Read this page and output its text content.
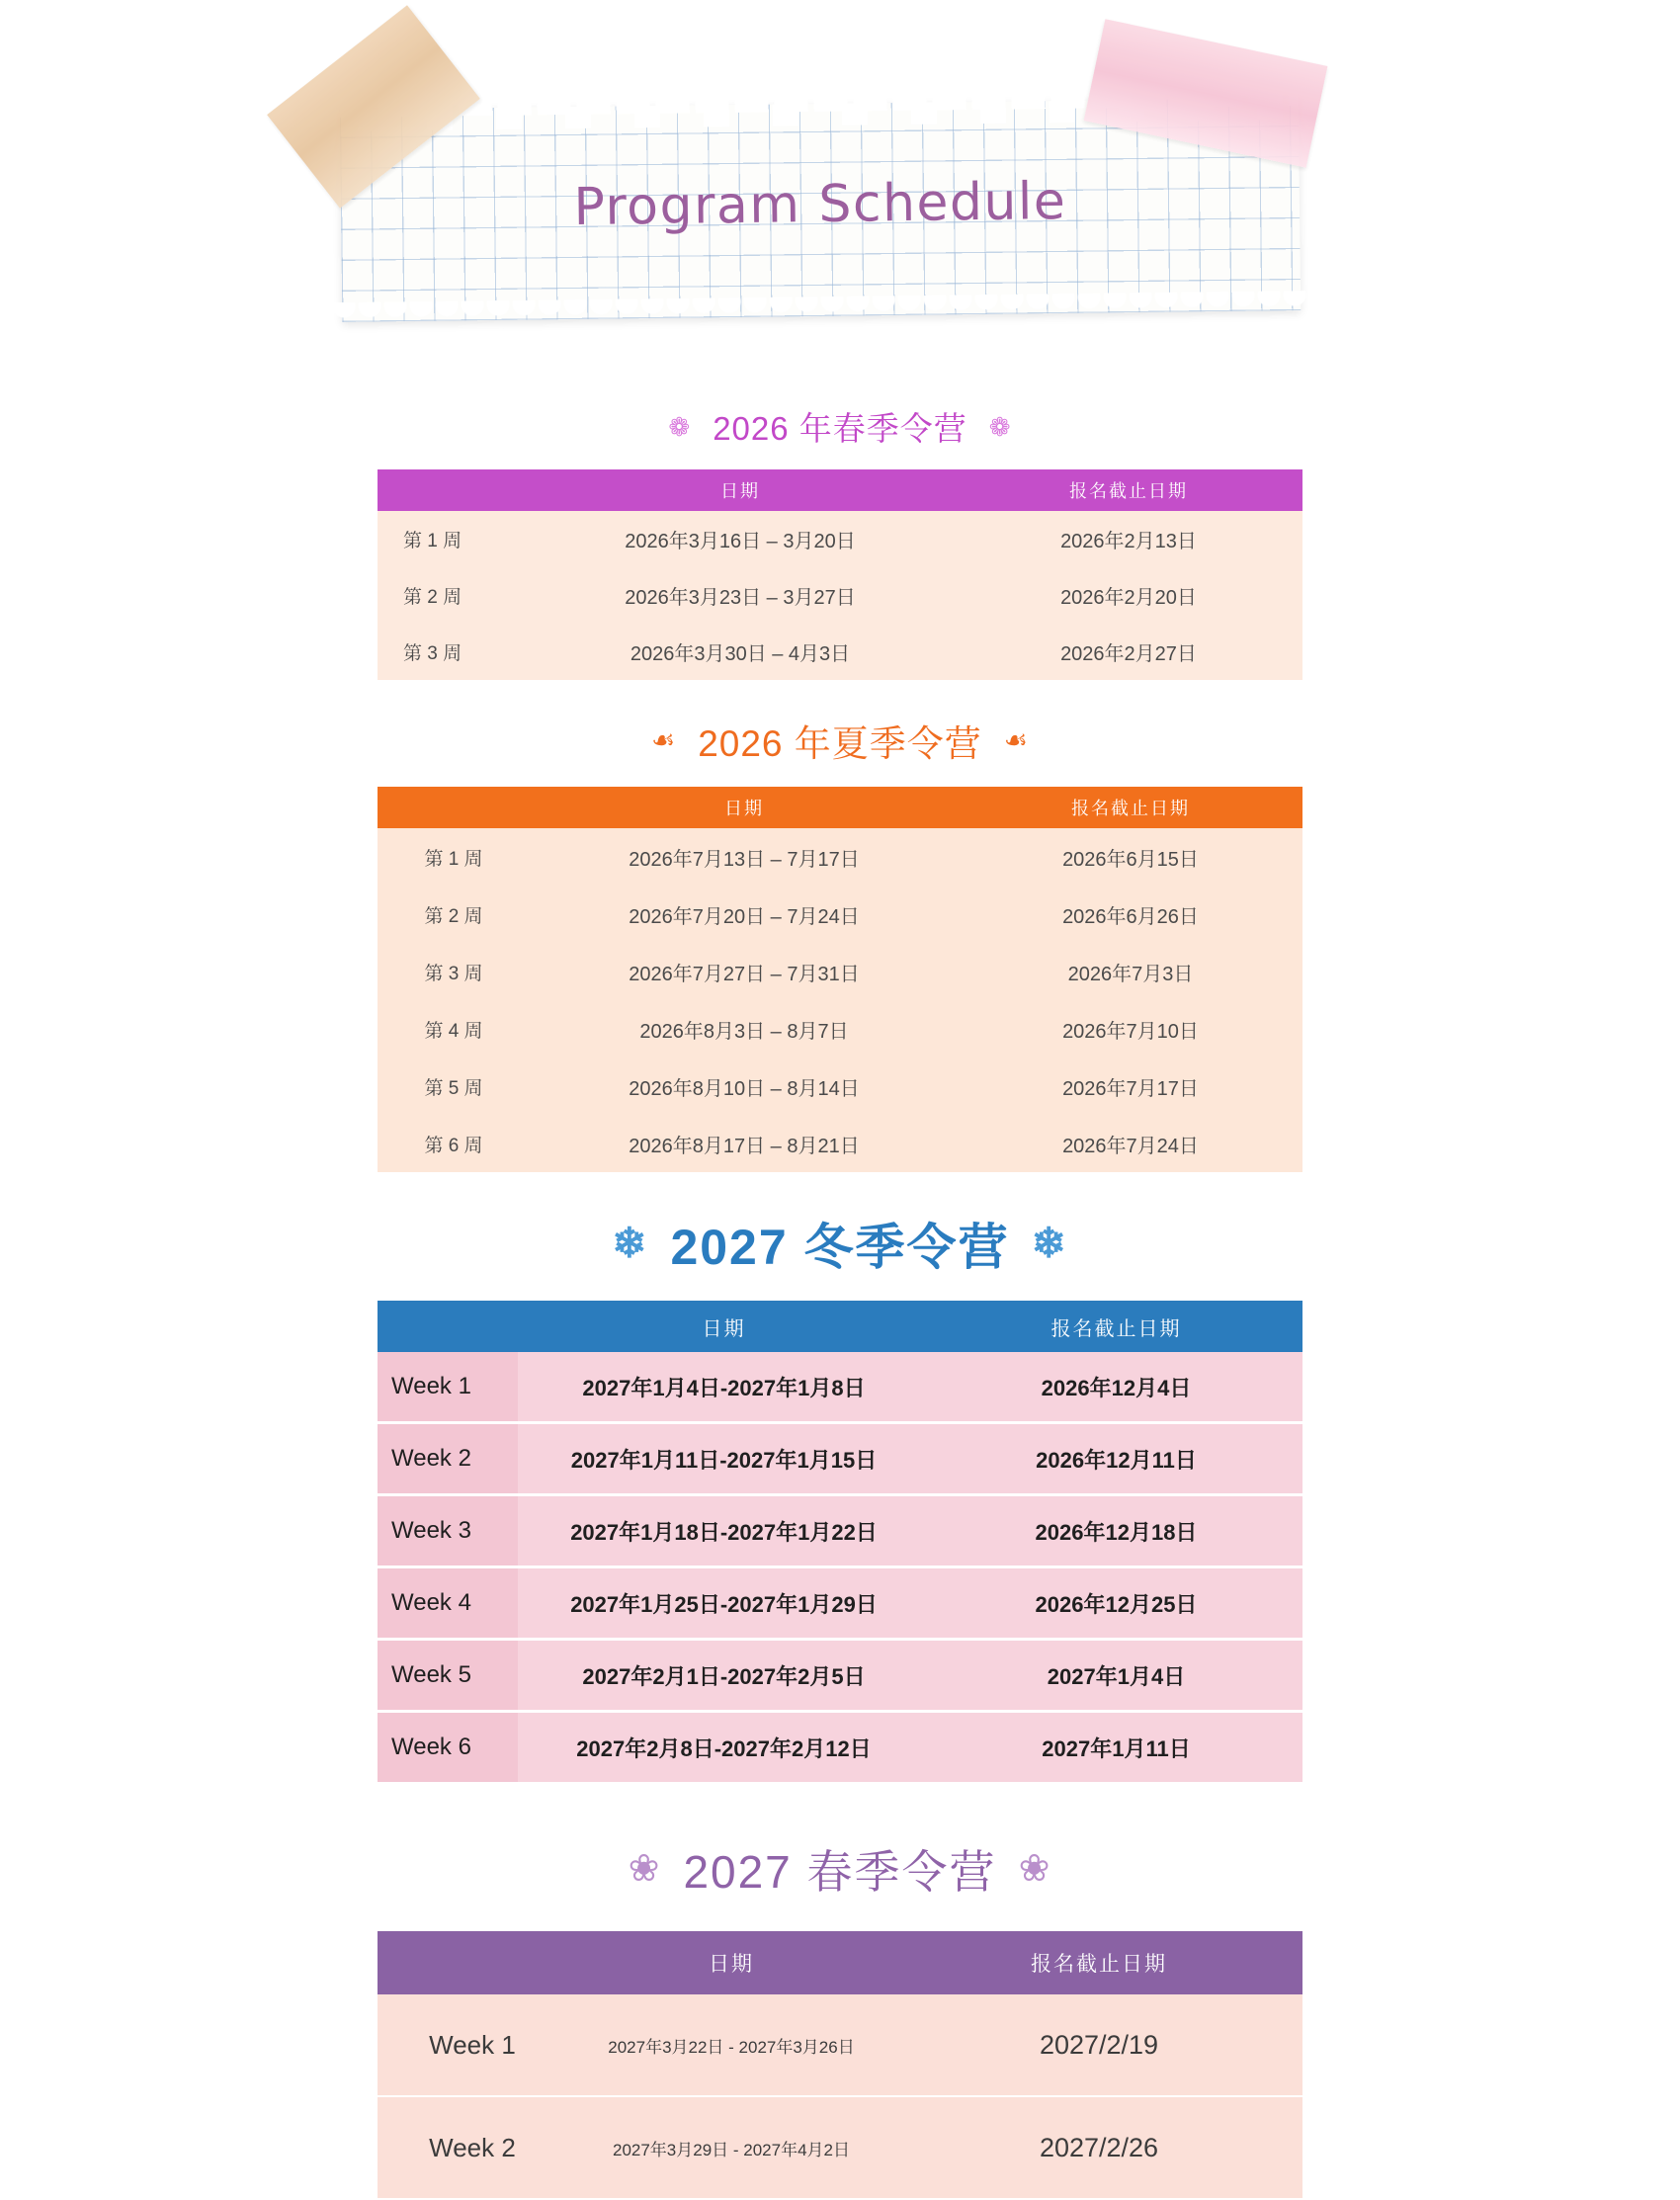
Program Schedule
❁ 2026 年春季令营 ❁
	日期	报名截止日期
第 1 周	2026年3月16日 – 3月20日	2026年2月13日
第 2 周	2026年3月23日 – 3月27日	2026年2月20日
第 3 周	2026年3月30日 – 4月3日	2026年2月27日
☙ 2026 年夏季令营 ☙
	日期	报名截止日期
第 1 周	2026年7月13日 – 7月17日	2026年6月15日
第 2 周	2026年7月20日 – 7月24日	2026年6月26日
第 3 周	2026年7月27日 – 7月31日	2026年7月3日
第 4 周	2026年8月3日 – 8月7日	2026年7月10日
第 5 周	2026年8月10日 – 8月14日	2026年7月17日
第 6 周	2026年8月17日 – 8月21日	2026年7月24日
❄ 2027 冬季令营 ❄
	日期	报名截止日期
Week 1	2027年1月4日-2027年1月8日	2026年12月4日
Week 2	2027年1月11日-2027年1月15日	2026年12月11日
Week 3	2027年1月18日-2027年1月22日	2026年12月18日
Week 4	2027年1月25日-2027年1月29日	2026年12月25日
Week 5	2027年2月1日-2027年2月5日	2027年1月4日
Week 6	2027年2月8日-2027年2月12日	2027年1月11日
❀ 2027 春季令营 ❀
	日期	报名截止日期
Week 1	2027年3月22日 - 2027年3月26日	2027/2/19
Week 2	2027年3月29日 - 2027年4月2日	2027/2/26
